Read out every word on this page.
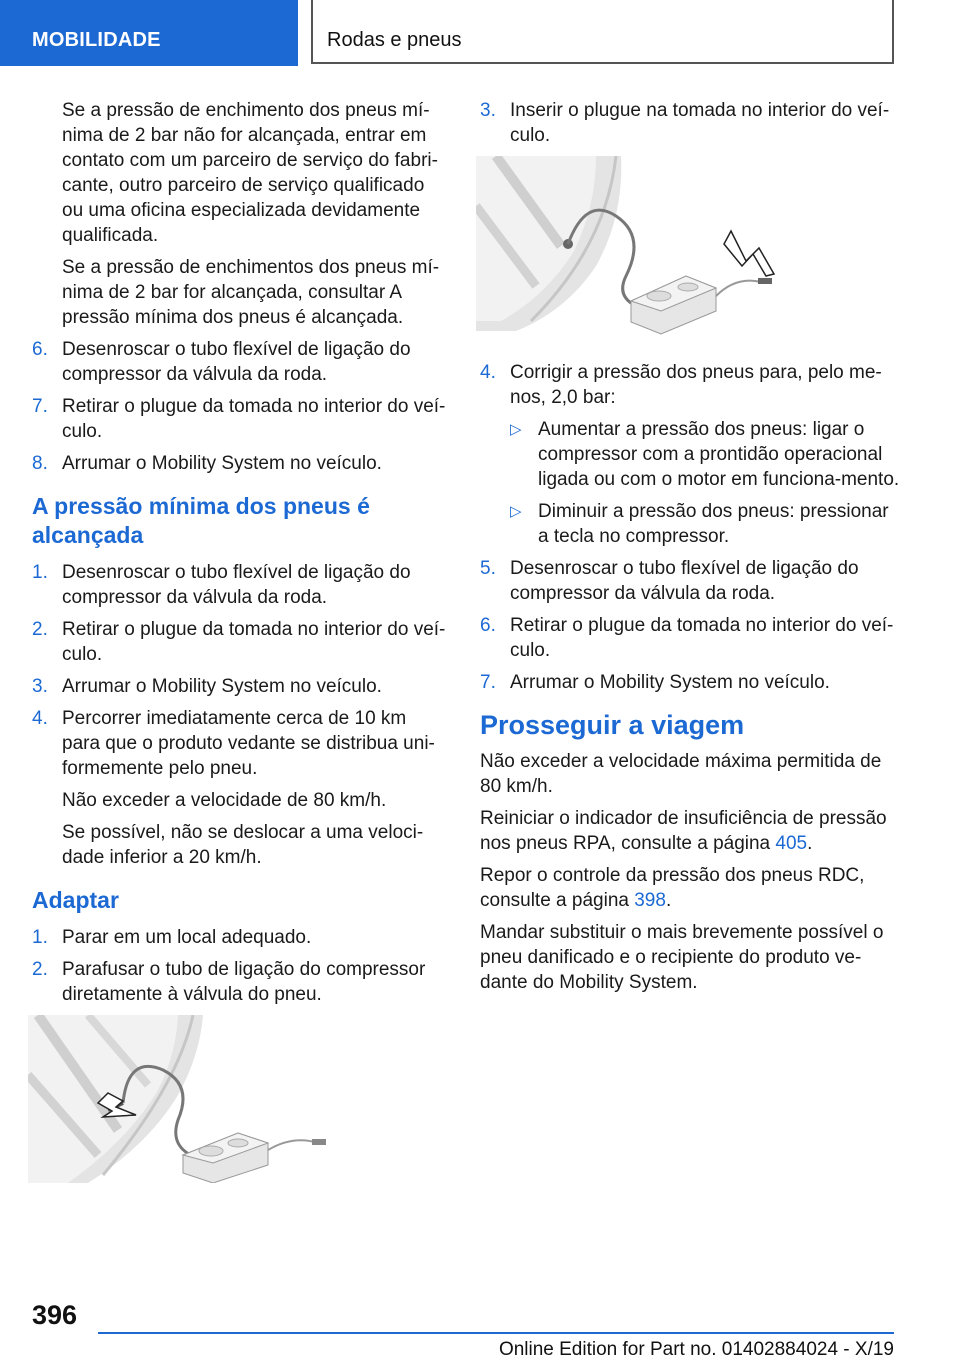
MOBILIDADE	Rodas e pneus

Se a pressão de enchimento dos pneus mí-nima de 2 bar não for alcançada, entrar em contato com um parceiro de serviço do fabri-cante, outro parceiro de serviço qualificado ou uma oficina especializada devidamente qualificada.

Se a pressão de enchimentos dos pneus mí-nima de 2 bar for alcançada, consultar A pressão mínima dos pneus é alcançada.

6. Desenroscar o tubo flexível de ligação do compressor da válvula da roda.
7. Retirar o plugue da tomada no interior do veí-culo.
8. Arrumar o Mobility System no veículo.
A pressão mínima dos pneus é alcançada
1. Desenroscar o tubo flexível de ligação do compressor da válvula da roda.
2. Retirar o plugue da tomada no interior do veí-culo.
3. Arrumar o Mobility System no veículo.
4. Percorrer imediatamente cerca de 10 km para que o produto vedante se distribua uni-formemente pelo pneu.

Não exceder a velocidade de 80 km/h.

Se possível, não se deslocar a uma veloci-dade inferior a 20 km/h.

Adaptar
1. Parar em um local adequado.
2. Parafusar o tubo de ligação do compressor diretamente à válvula do pneu.
3. Inserir o plugue na tomada no interior do veí-culo.
4. Corrigir a pressão dos pneus para, pelo me-nos, 2,0 bar:
▷ Aumentar a pressão dos pneus: ligar o compressor com a prontidão operacional ligada ou com o motor em funciona-mento.
▷ Diminuir a pressão dos pneus: pressionar a tecla no compressor.
5. Desenroscar o tubo flexível de ligação do compressor da válvula da roda.
6. Retirar o plugue da tomada no interior do veí-culo.
7. Arrumar o Mobility System no veículo.
Prosseguir a viagem

Não exceder a velocidade máxima permitida de 80 km/h.

Reiniciar o indicador de insuficiência de pressão nos pneus RPA, consulte a página 405.

Repor o controle da pressão dos pneus RDC, consulte a página 398.

Mandar substituir o mais brevemente possível o pneu danificado e o recipiente do produto ve-dante do Mobility System.

396
Online Edition for Part no. 01402884024 - X/19
